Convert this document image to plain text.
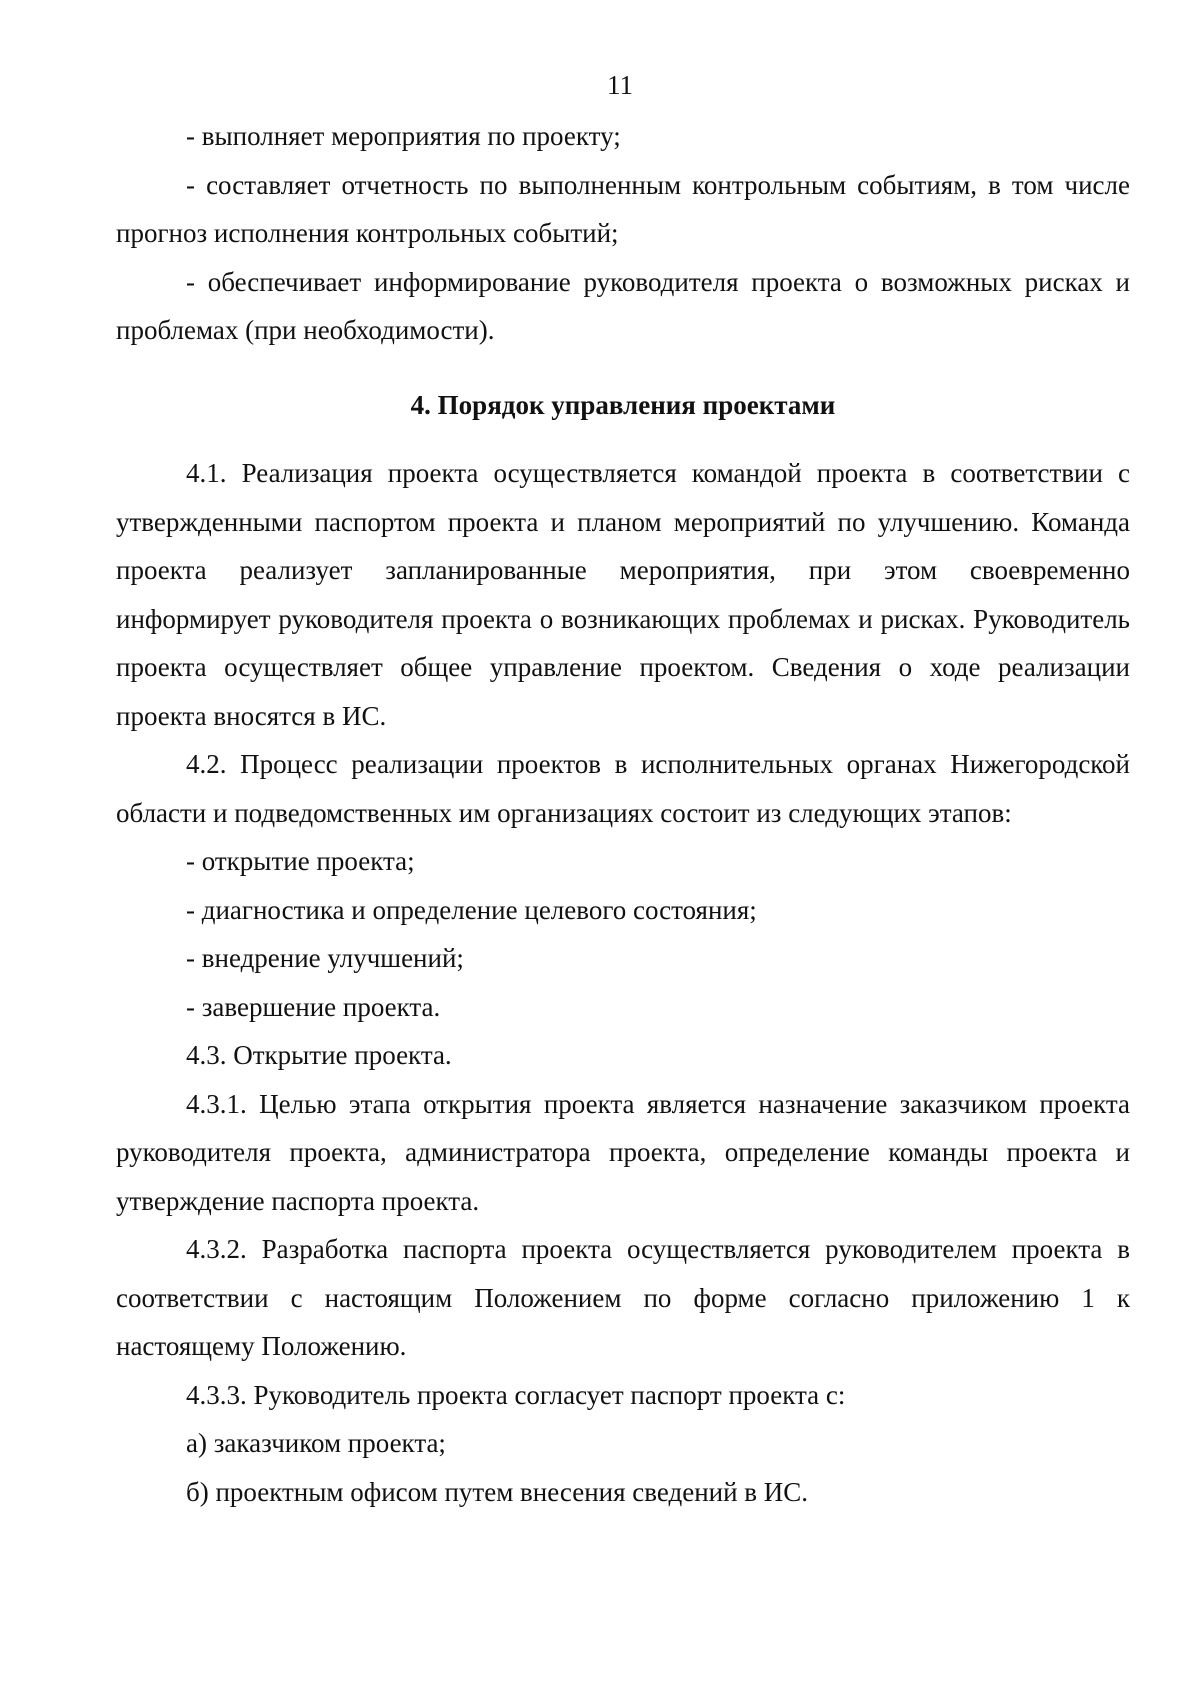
11

- выполняет мероприятия по проекту;

- составляет отчетность по выполненным контрольным событиям, в том числе прогноз исполнения контрольных событий;

- обеспечивает информирование руководителя проекта о возможных рисках и проблемах (при необходимости).

4. Порядок управления проектами

4.1. Реализация проекта осуществляется командой проекта в соответствии с утвержденными паспортом проекта и планом мероприятий по улучшению. Команда проекта реализует запланированные мероприятия, при этом своевременно информирует руководителя проекта о возникающих проблемах и рисках. Руководитель проекта осуществляет общее управление проектом. Сведения о ходе реализации проекта вносятся в ИС.

4.2. Процесс реализации проектов в исполнительных органах Нижегородской области и подведомственных им организациях состоит из следующих этапов:

- открытие проекта;

- диагностика и определение целевого состояния;

- внедрение улучшений;

- завершение проекта.

4.3. Открытие проекта.

4.3.1. Целью этапа открытия проекта является назначение заказчиком проекта руководителя проекта, администратора проекта, определение команды проекта и утверждение паспорта проекта.

4.3.2. Разработка паспорта проекта осуществляется руководителем проекта в соответствии с настоящим Положением по форме согласно приложению 1 к настоящему Положению.

4.3.3. Руководитель проекта согласует паспорт проекта с:

а) заказчиком проекта;

б) проектным офисом путем внесения сведений в ИС.
